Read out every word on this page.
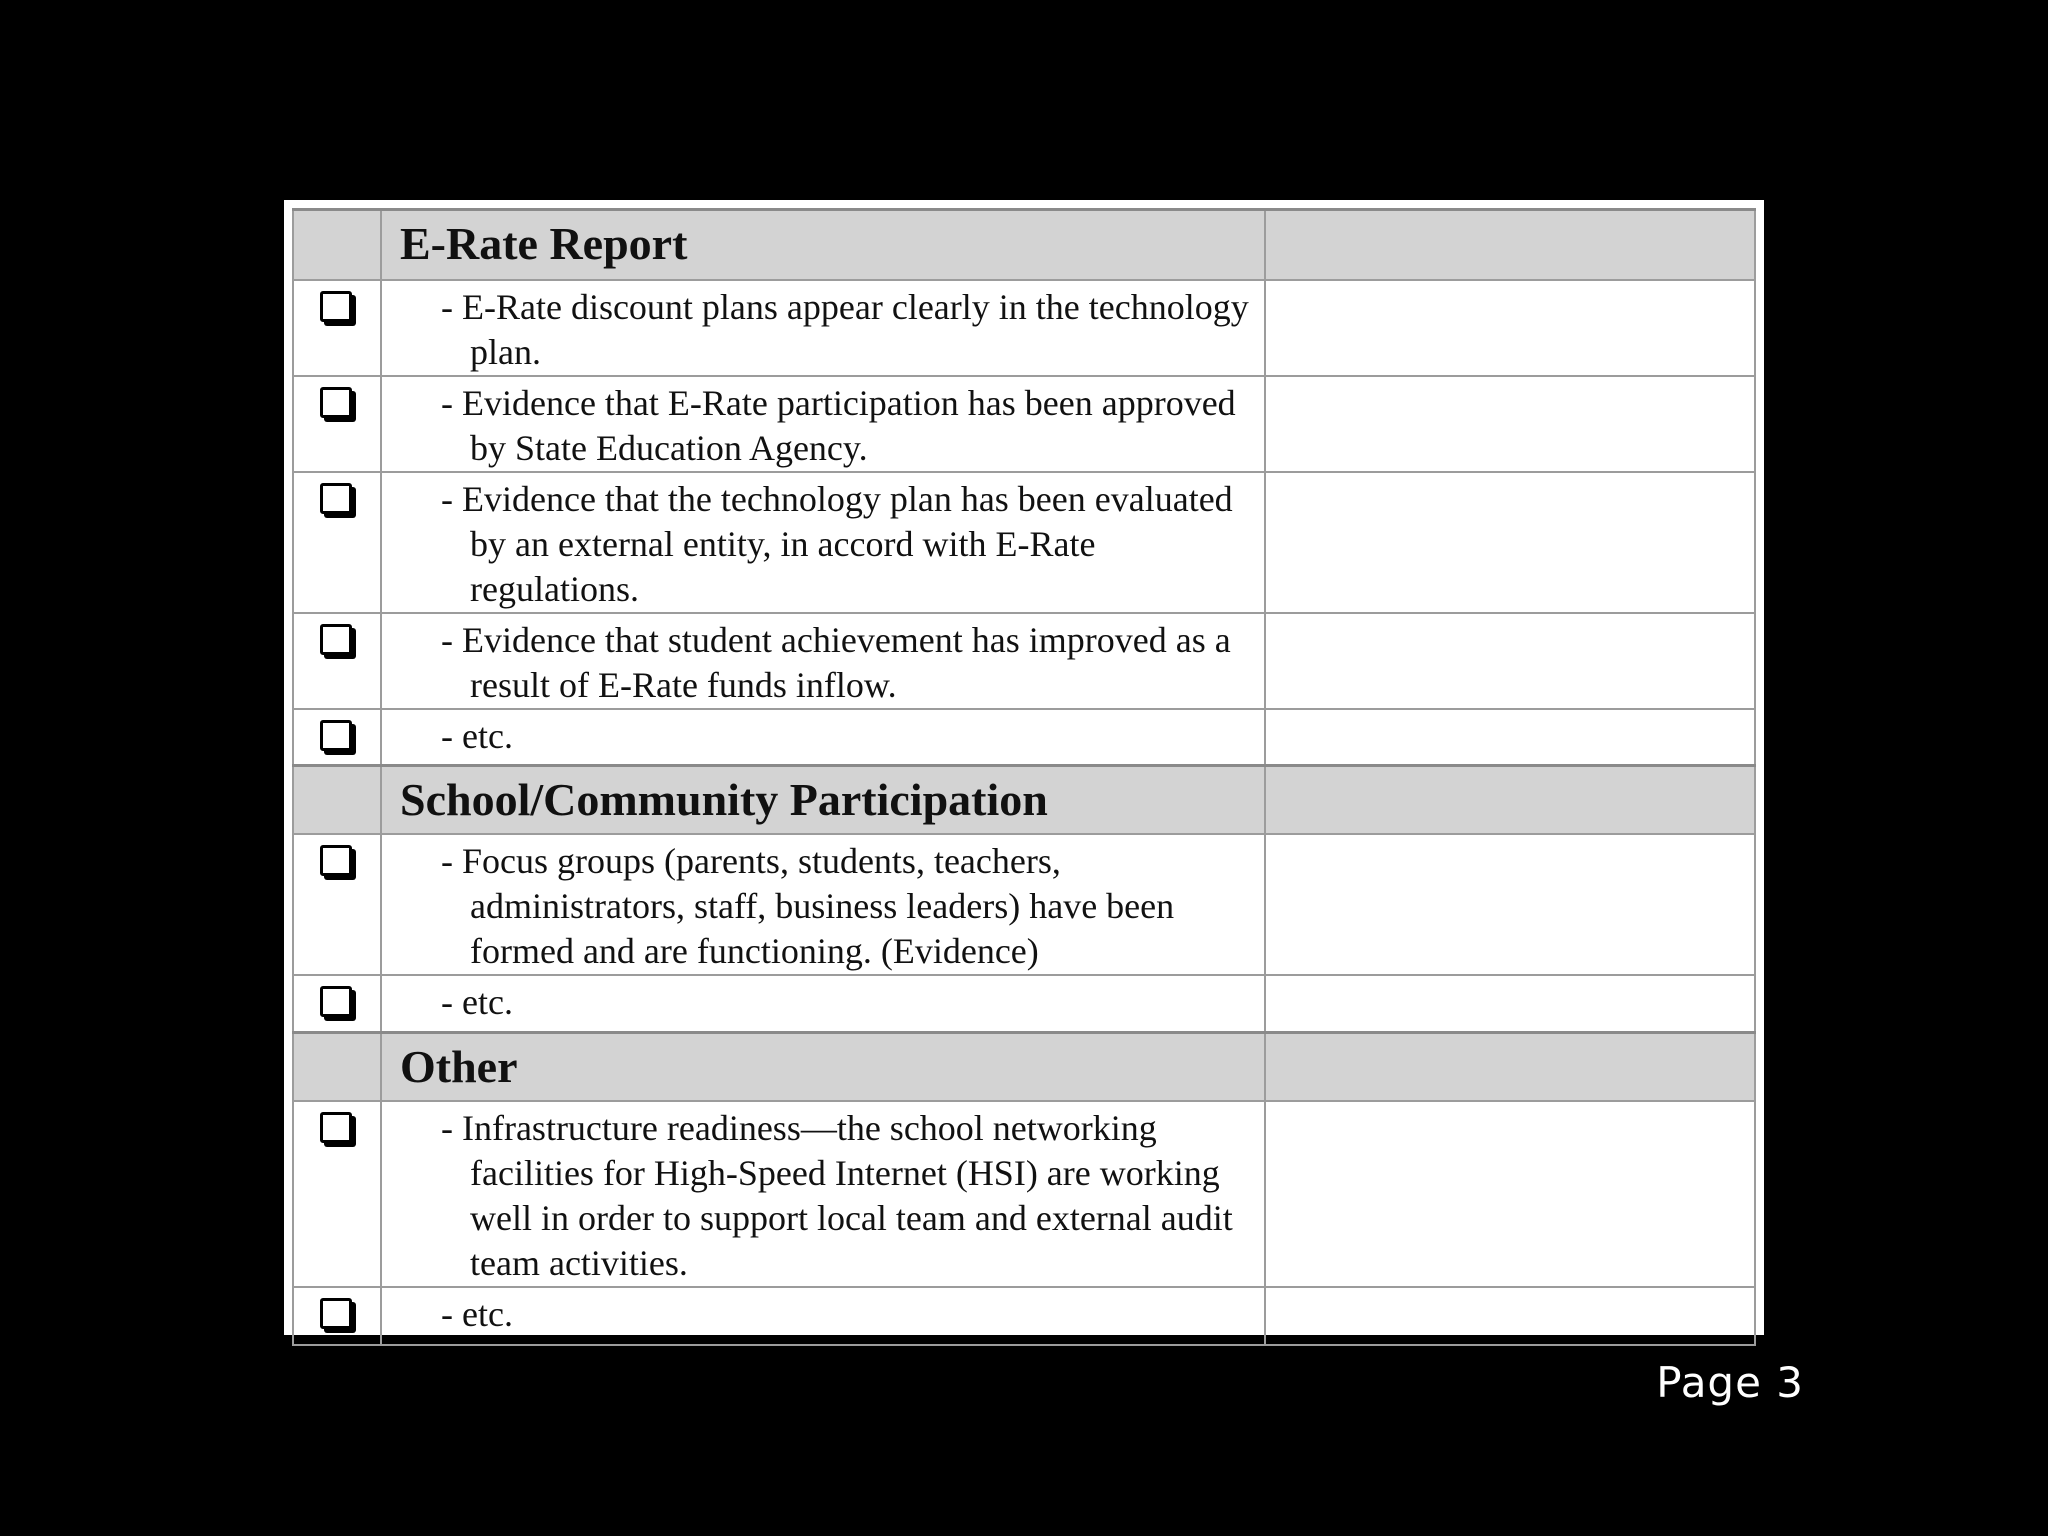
	E-Rate Report	

	- E-Rate discount plans appear clearly in the technology plan.	

	- Evidence that E-Rate participation has been approved by State Education Agency.	

	- Evidence that the technology plan has been evaluated by an external entity, in accord with E-Rate regulations.	

	- Evidence that student achievement has improved as a result of E-Rate funds inflow.	

	- etc.	

	School/Community Participation	

	- Focus groups (parents, students, teachers, administrators, staff, business leaders) have been formed and are functioning. (Evidence)	

	- etc.	

	Other	

	- Infrastructure readiness—the school networking facilities for High-Speed Internet (HSI) are working well in order to support local team and external audit team activities.	

	- etc.	

Page 3
